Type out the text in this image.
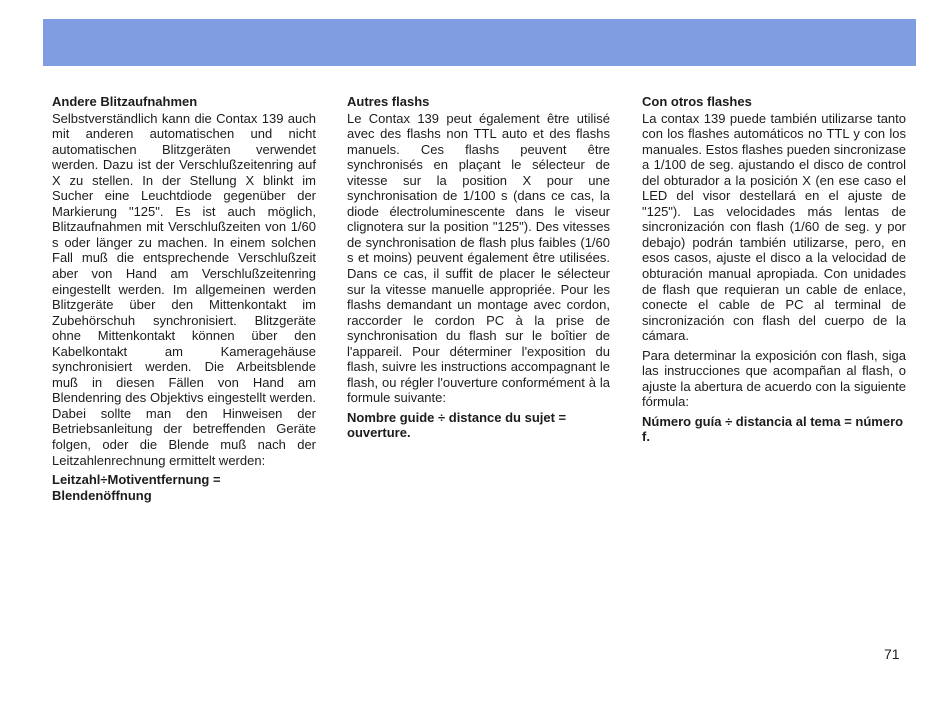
Andere Blitzaufnahmen

Selbstverständlich kann die Contax 139 auch mit anderen automatischen und nicht automatischen Blitzgeräten verwendet werden. Dazu ist der Verschlußzeitenring auf X zu stellen. In der Stellung X blinkt im Sucher eine Leuchtdiode gegenüber der Markierung "125". Es ist auch möglich, Blitzaufnahmen mit Verschlußzeiten von 1/60 s oder länger zu machen. In einem solchen Fall muß die entsprechende Verschlußzeit aber von Hand am Verschlußzeitenring eingestellt werden. Im allgemeinen werden Blitzgeräte über den Mittenkontakt im Zubehörschuh synchronisiert. Blitzgeräte ohne Mittenkontakt können über den Kabelkontakt am Kameragehäuse synchronisiert werden. Die Arbeitsblende muß in diesen Fällen von Hand am Blendenring des Objektivs eingestellt werden. Dabei sollte man den Hinweisen der Betriebsanleitung der betreffenden Geräte folgen, oder die Blende muß nach der Leitzahlenrechnung ermittelt werden:

Leitzahl÷Motiventfernung = Blendenöffnung

Autres flashs

Le Contax 139 peut également être utilisé avec des flashs non TTL auto et des flashs manuels. Ces flashs peuvent être synchronisés en plaçant le sélecteur de vitesse sur la position X pour une synchronisation de 1/100 s (dans ce cas, la diode électroluminescente dans le viseur clignotera sur la position "125"). Des vitesses de synchronisation de flash plus faibles (1/60 s et moins) peuvent également être utilisées. Dans ce cas, il suffit de placer le sélecteur sur la vitesse manuelle appropriée. Pour les flashs demandant un montage avec cordon, raccorder le cordon PC à la prise de synchronisation du flash sur le boîtier de l'appareil. Pour déterminer l'exposition du flash, suivre les instructions accompagnant le flash, ou régler l'ouverture conformément à la formule suivante:

Nombre guide ÷ distance du sujet = ouverture.

Con otros flashes

La contax 139 puede también utilizarse tanto con los flashes automáticos no TTL y con los manuales. Estos flashes pueden sincronizase a 1/100 de seg. ajustando el disco de control del obturador a la posición X (en ese caso el LED del visor destellará en el ajuste de "125"). Las velocidades más lentas de sincronización con flash (1/60 de seg. y por debajo) podrán también utilizarse, pero, en esos casos, ajuste el disco a la velocidad de obturación manual apropiada. Con unidades de flash que requieran un cable de enlace, conecte el cable de PC al terminal de sincronización con flash del cuerpo de la cámara.

Para determinar la exposición con flash, siga las instrucciones que acompañan al flash, o ajuste la abertura de acuerdo con la siguiente fórmula:

Número guía ÷ distancia al tema = número f.

71
